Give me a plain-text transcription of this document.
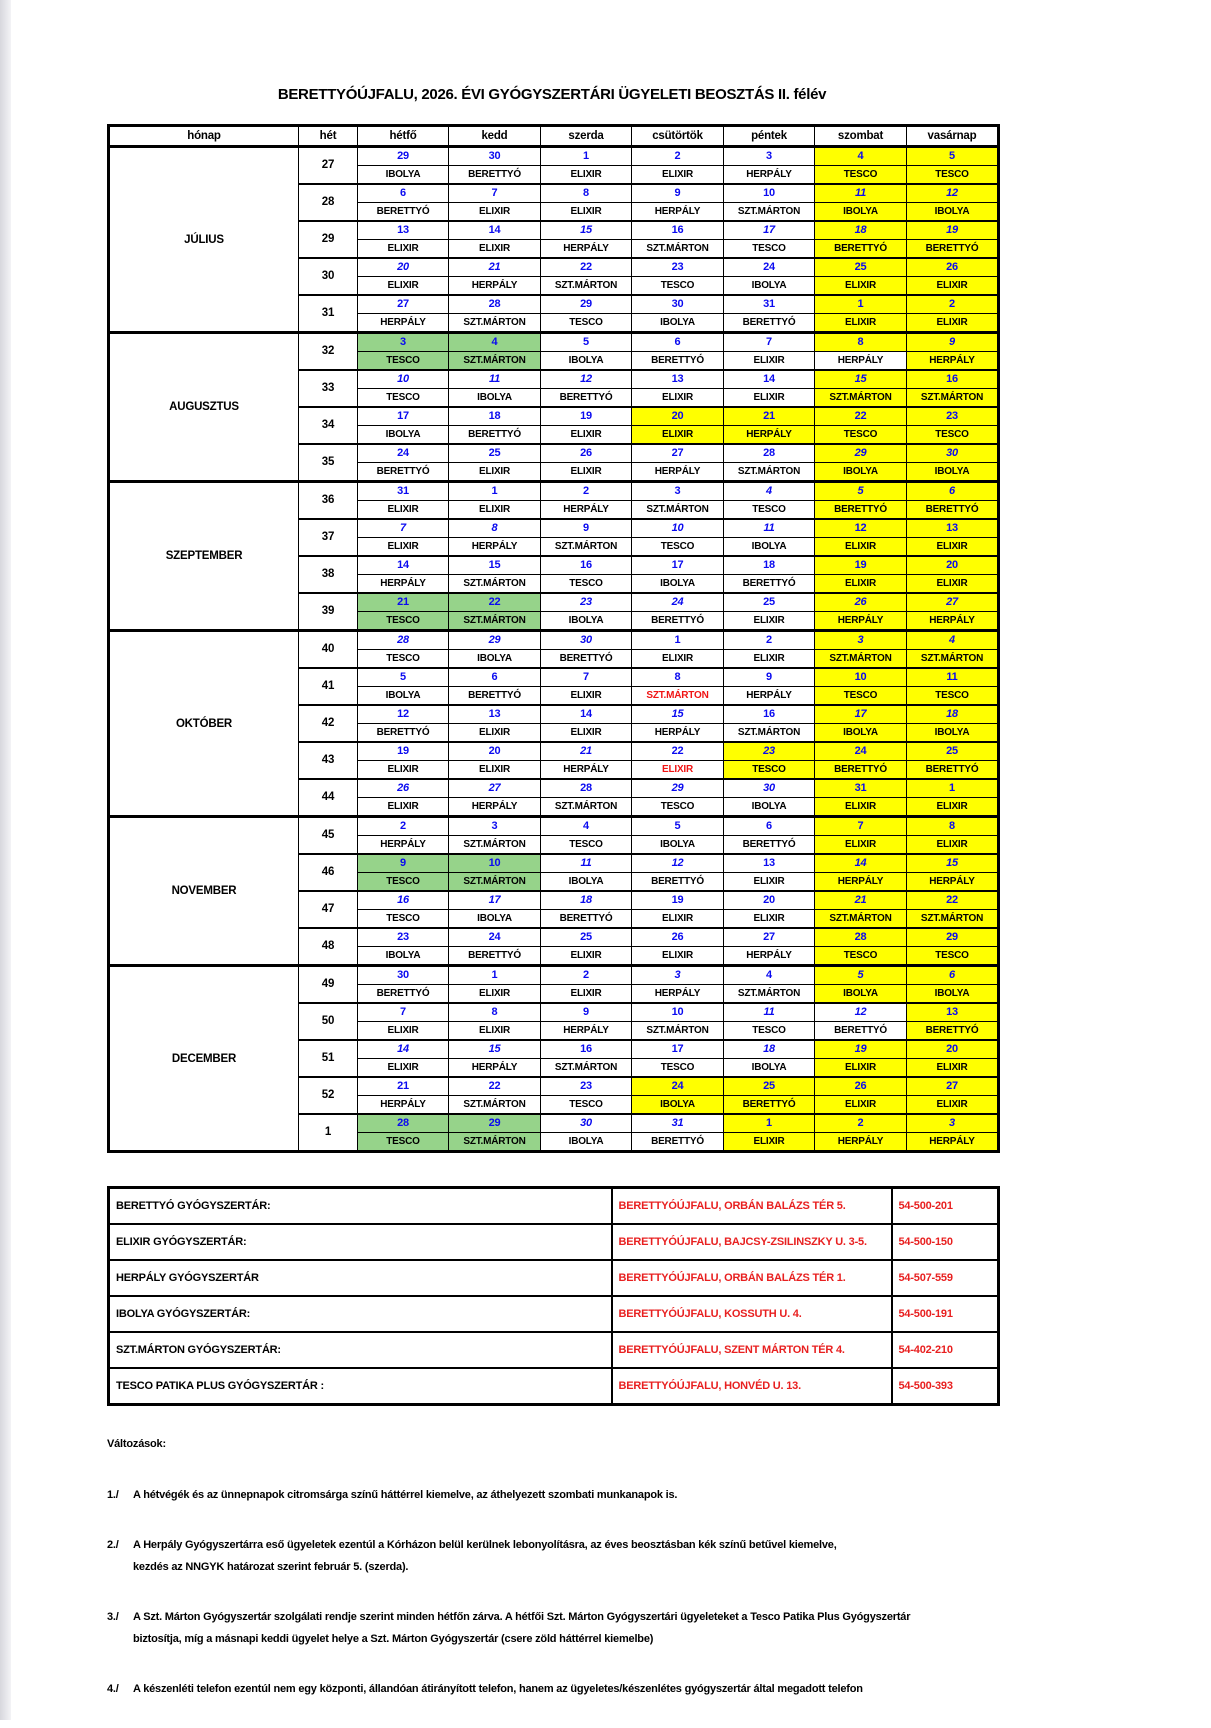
BERETTYÓÚJFALU, 2026. ÉVI GYÓGYSZERTÁRI ÜGYELETI BEOSZTÁS II. félév
hónap	hét	hétfő	kedd	szerda	csütörtök	péntek	szombat	vasárnap
JÚLIUS	27	29	30	1	2	3	4	5
		IBOLYA	BERETTYÓ	ELIXIR	ELIXIR	HERPÁLY	TESCO	TESCO
	28	6	7	8	9	10	11	12
		BERETTYÓ	ELIXIR	ELIXIR	HERPÁLY	SZT.MÁRTON	IBOLYA	IBOLYA
	29	13	14	15	16	17	18	19
		ELIXIR	ELIXIR	HERPÁLY	SZT.MÁRTON	TESCO	BERETTYÓ	BERETTYÓ
	30	20	21	22	23	24	25	26
		ELIXIR	HERPÁLY	SZT.MÁRTON	TESCO	IBOLYA	ELIXIR	ELIXIR
	31	27	28	29	30	31	1	2
		HERPÁLY	SZT.MÁRTON	TESCO	IBOLYA	BERETTYÓ	ELIXIR	ELIXIR
AUGUSZTUS	32	3	4	5	6	7	8	9
		TESCO	SZT.MÁRTON	IBOLYA	BERETTYÓ	ELIXIR	HERPÁLY	HERPÁLY
	33	10	11	12	13	14	15	16
		TESCO	IBOLYA	BERETTYÓ	ELIXIR	ELIXIR	SZT.MÁRTON	SZT.MÁRTON
	34	17	18	19	20	21	22	23
		IBOLYA	BERETTYÓ	ELIXIR	ELIXIR	HERPÁLY	TESCO	TESCO
	35	24	25	26	27	28	29	30
		BERETTYÓ	ELIXIR	ELIXIR	HERPÁLY	SZT.MÁRTON	IBOLYA	IBOLYA
SZEPTEMBER	36	31	1	2	3	4	5	6
		ELIXIR	ELIXIR	HERPÁLY	SZT.MÁRTON	TESCO	BERETTYÓ	BERETTYÓ
	37	7	8	9	10	11	12	13
		ELIXIR	HERPÁLY	SZT.MÁRTON	TESCO	IBOLYA	ELIXIR	ELIXIR
	38	14	15	16	17	18	19	20
		HERPÁLY	SZT.MÁRTON	TESCO	IBOLYA	BERETTYÓ	ELIXIR	ELIXIR
	39	21	22	23	24	25	26	27
		TESCO	SZT.MÁRTON	IBOLYA	BERETTYÓ	ELIXIR	HERPÁLY	HERPÁLY
OKTÓBER	40	28	29	30	1	2	3	4
		TESCO	IBOLYA	BERETTYÓ	ELIXIR	ELIXIR	SZT.MÁRTON	SZT.MÁRTON
	41	5	6	7	8	9	10	11
		IBOLYA	BERETTYÓ	ELIXIR	SZT.MÁRTON	HERPÁLY	TESCO	TESCO
	42	12	13	14	15	16	17	18
		BERETTYÓ	ELIXIR	ELIXIR	HERPÁLY	SZT.MÁRTON	IBOLYA	IBOLYA
	43	19	20	21	22	23	24	25
		ELIXIR	ELIXIR	HERPÁLY	ELIXIR	TESCO	BERETTYÓ	BERETTYÓ
	44	26	27	28	29	30	31	1
		ELIXIR	HERPÁLY	SZT.MÁRTON	TESCO	IBOLYA	ELIXIR	ELIXIR
NOVEMBER	45	2	3	4	5	6	7	8
		HERPÁLY	SZT.MÁRTON	TESCO	IBOLYA	BERETTYÓ	ELIXIR	ELIXIR
	46	9	10	11	12	13	14	15
		TESCO	SZT.MÁRTON	IBOLYA	BERETTYÓ	ELIXIR	HERPÁLY	HERPÁLY
	47	16	17	18	19	20	21	22
		TESCO	IBOLYA	BERETTYÓ	ELIXIR	ELIXIR	SZT.MÁRTON	SZT.MÁRTON
	48	23	24	25	26	27	28	29
		IBOLYA	BERETTYÓ	ELIXIR	ELIXIR	HERPÁLY	TESCO	TESCO
DECEMBER	49	30	1	2	3	4	5	6
		BERETTYÓ	ELIXIR	ELIXIR	HERPÁLY	SZT.MÁRTON	IBOLYA	IBOLYA
	50	7	8	9	10	11	12	13
		ELIXIR	ELIXIR	HERPÁLY	SZT.MÁRTON	TESCO	BERETTYÓ	BERETTYÓ
	51	14	15	16	17	18	19	20
		ELIXIR	HERPÁLY	SZT.MÁRTON	TESCO	IBOLYA	ELIXIR	ELIXIR
	52	21	22	23	24	25	26	27
		HERPÁLY	SZT.MÁRTON	TESCO	IBOLYA	BERETTYÓ	ELIXIR	ELIXIR
	1	28	29	30	31	1	2	3
		TESCO	SZT.MÁRTON	IBOLYA	BERETTYÓ	ELIXIR	HERPÁLY	HERPÁLY
BERETTYÓ GYÓGYSZERTÁR:	BERETTYÓÚJFALU, ORBÁN BALÁZS TÉR 5.	54-500-201
ELIXIR GYÓGYSZERTÁR:	BERETTYÓÚJFALU, BAJCSY-ZSILINSZKY U. 3-5.	54-500-150
HERPÁLY GYÓGYSZERTÁR	BERETTYÓÚJFALU, ORBÁN BALÁZS TÉR 1.	54-507-559
IBOLYA GYÓGYSZERTÁR:	BERETTYÓÚJFALU, KOSSUTH U. 4.	54-500-191
SZT.MÁRTON GYÓGYSZERTÁR:	BERETTYÓÚJFALU, SZENT MÁRTON TÉR 4.	54-402-210
TESCO PATIKA PLUS GYÓGYSZERTÁR :	BERETTYÓÚJFALU, HONVÉD U. 13.	54-500-393

Változások:

1./	A hétvégék és az ünnepnapok citromsárga színű háttérrel kiemelve, az áthelyezett szombati munkanapok is.
2./	A Herpály Gyógyszertárra eső ügyeletek ezentúl a Kórházon belül kerülnek lebonyolításra, az éves beosztásban kék színű betűvel kiemelve,
kezdés az NNGYK határozat szerint február 5. (szerda).
3./	A Szt. Márton Gyógyszertár szolgálati rendje szerint minden hétfőn zárva. A hétfői Szt. Márton Gyógyszertári ügyeleteket a Tesco Patika Plus Gyógyszertár
biztosítja, míg a másnapi keddi ügyelet helye a Szt. Márton Gyógyszertár (csere zöld háttérrel kiemelbe)
4./	A készenléti telefon ezentúl nem egy központi, állandóan átirányított telefon, hanem az ügyeletes/készenlétes gyógyszertár által megadott telefon
